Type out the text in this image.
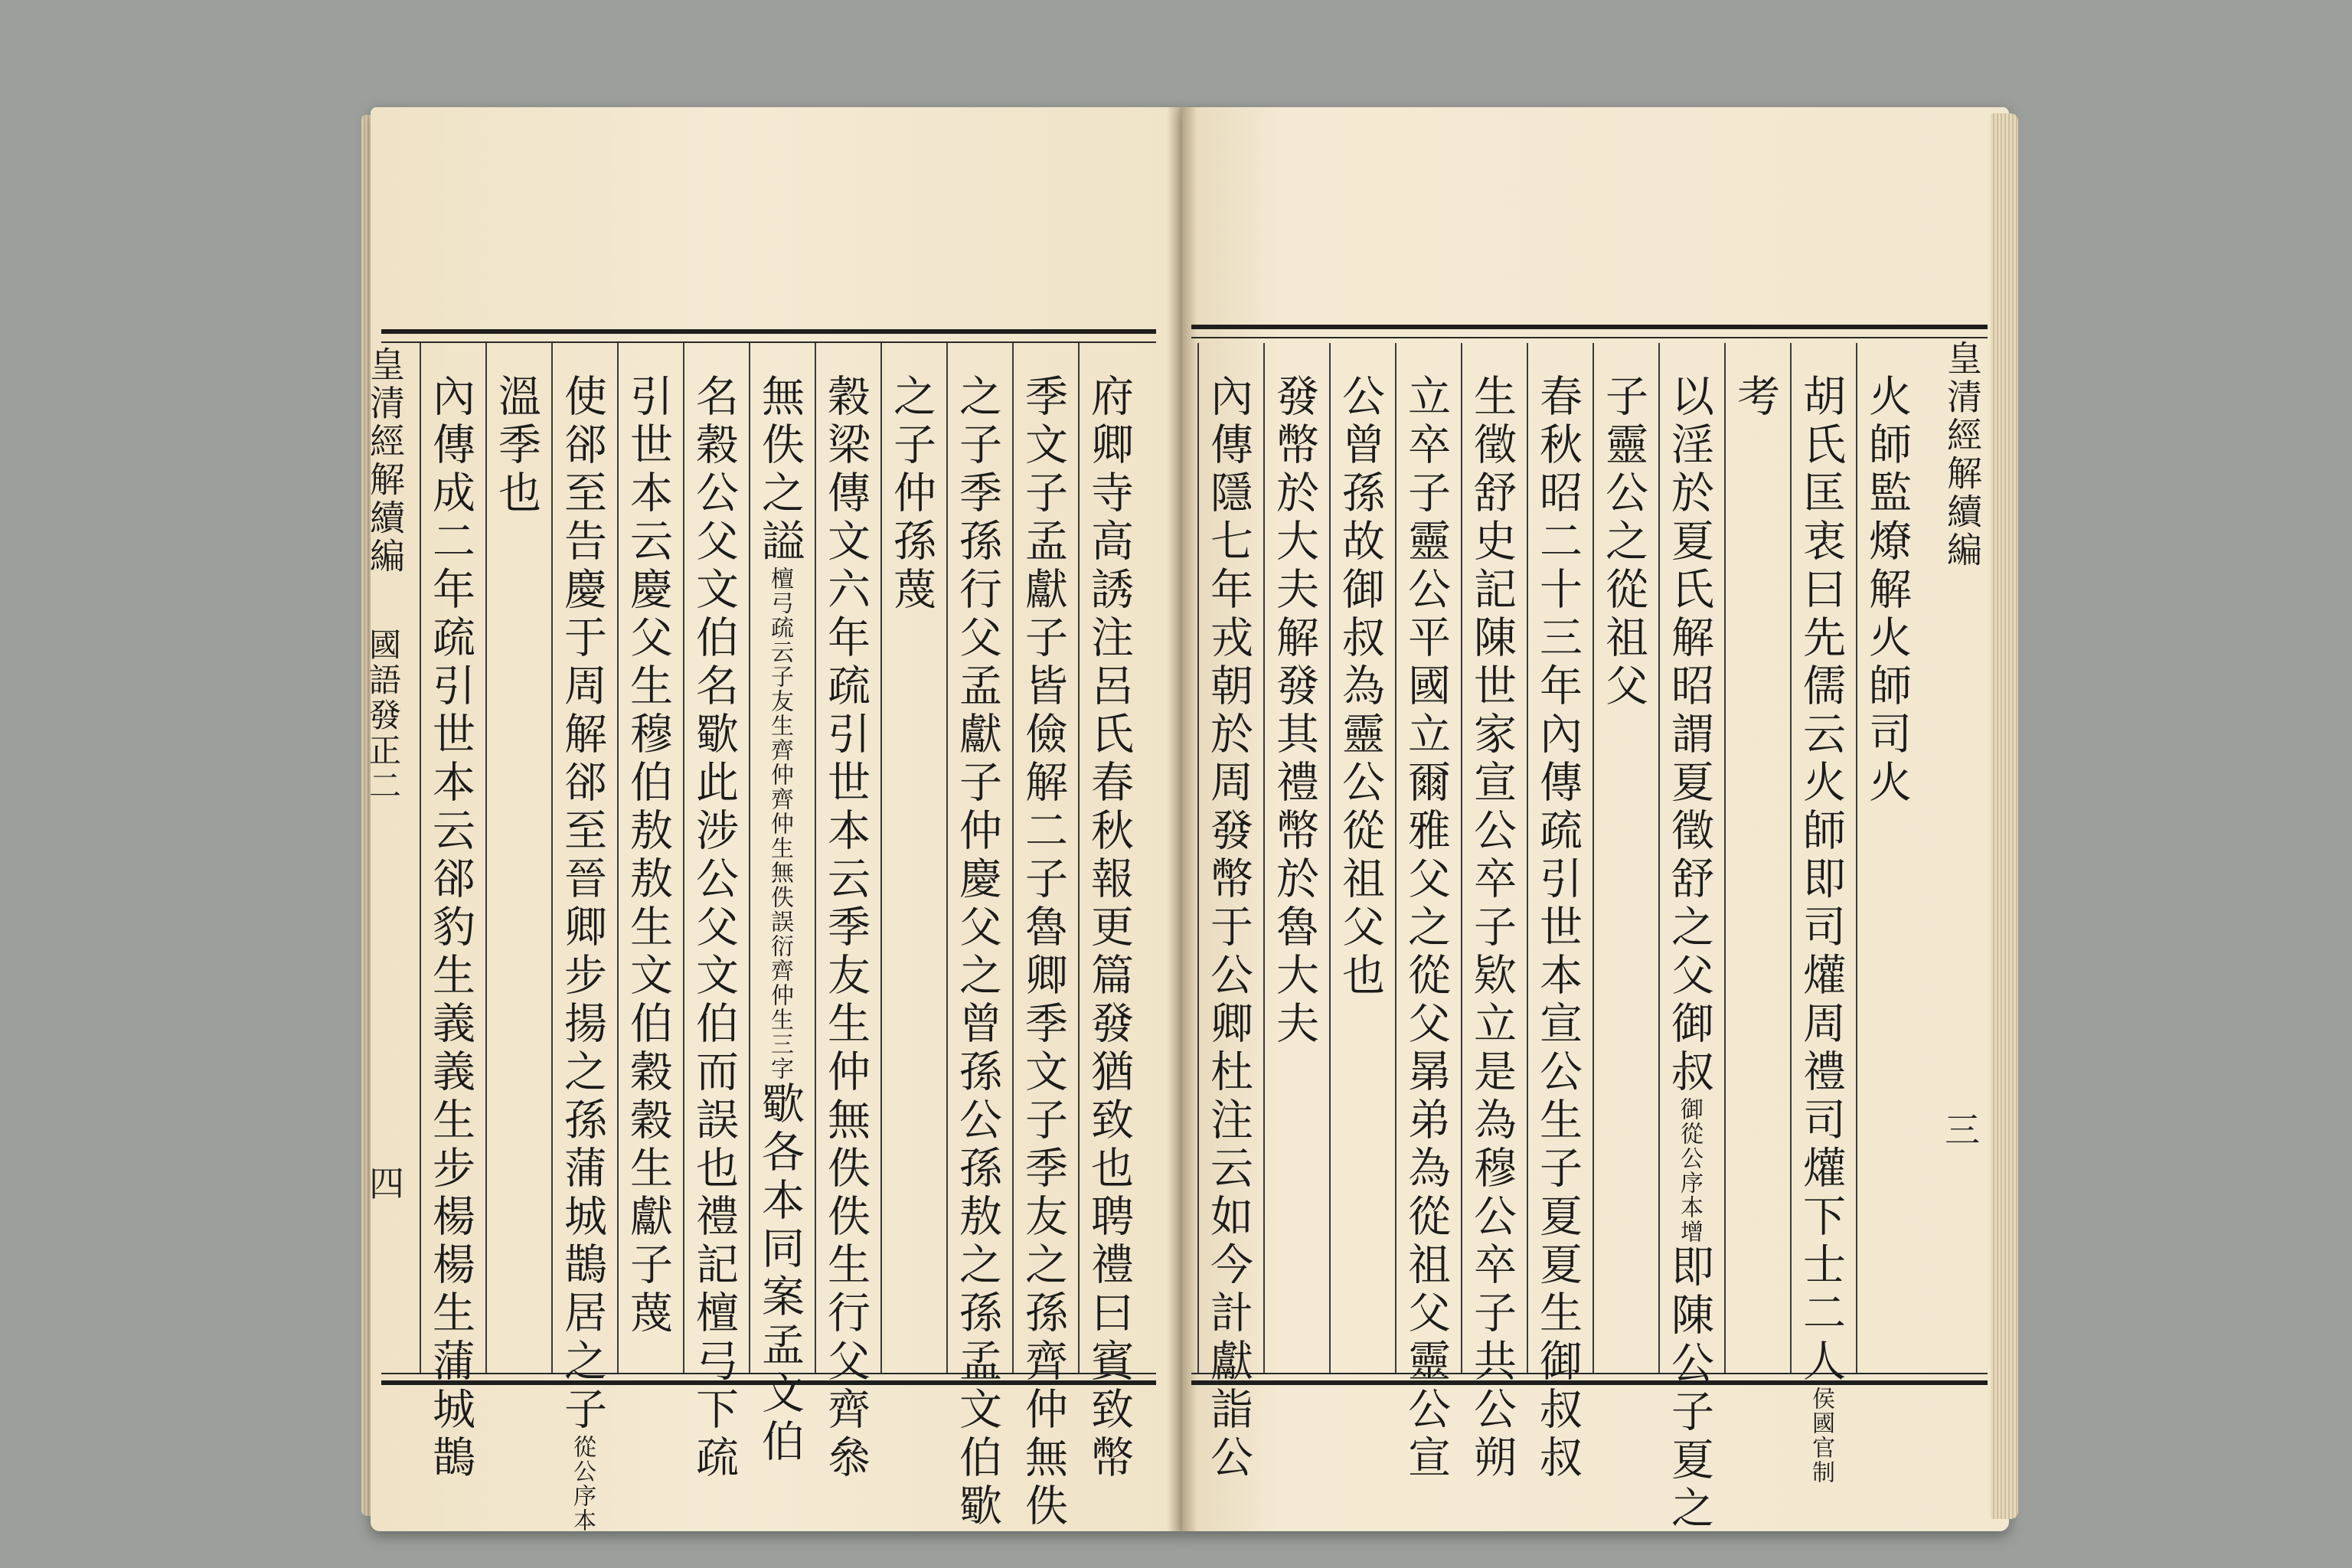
皇清經解續編
國語發正二
四
皇清經解續編
三
府卿寺高誘注呂氏春秋報更篇發猶致也聘禮曰賓致幣
季文子孟獻子皆儉解二子魯卿季文子季友之孫齊仲無佚
之子季孫行父孟獻子仲慶父之曾孫公孫敖之孫孟文伯歜
之子仲孫蔑
穀梁傳文六年疏引世本云季友生仲無佚佚生行父齊叅
無佚之謚檀弓疏云子友生齊仲齊仲生無佚誤衍齊仲生三字歜各本同案孟文伯
名穀公父文伯名歜此涉公父文伯而誤也禮記檀弓下疏
引世本云慶父生穆伯敖敖生文伯穀穀生獻子蔑
使郤至告慶于周解郤至晉卿步揚之孫蒲城鵲居之子從公序本
溫季也
內傳成二年疏引世本云郤豹生義義生步楊楊生蒲城鵲	火師監燎解火師司火
胡氏匡衷曰先儒云火師即司爟周禮司爟下士二人侯國官制
考
以淫於夏氏解昭謂夏徵舒之父御叔御從公序本增即陳公子夏之
子靈公之從祖父
春秋昭二十三年內傳疏引世本宣公生子夏夏生御叔叔
生徵舒史記陳世家宣公卒子欵立是為穆公卒子共公朔
立卒子靈公平國立爾雅父之從父晜弟為從祖父靈公宣
公曾孫故御叔為靈公從祖父也
發幣於大夫解發其禮幣於魯大夫
內傳隱七年戎朝於周發幣于公卿杜注云如今計獻詣公
